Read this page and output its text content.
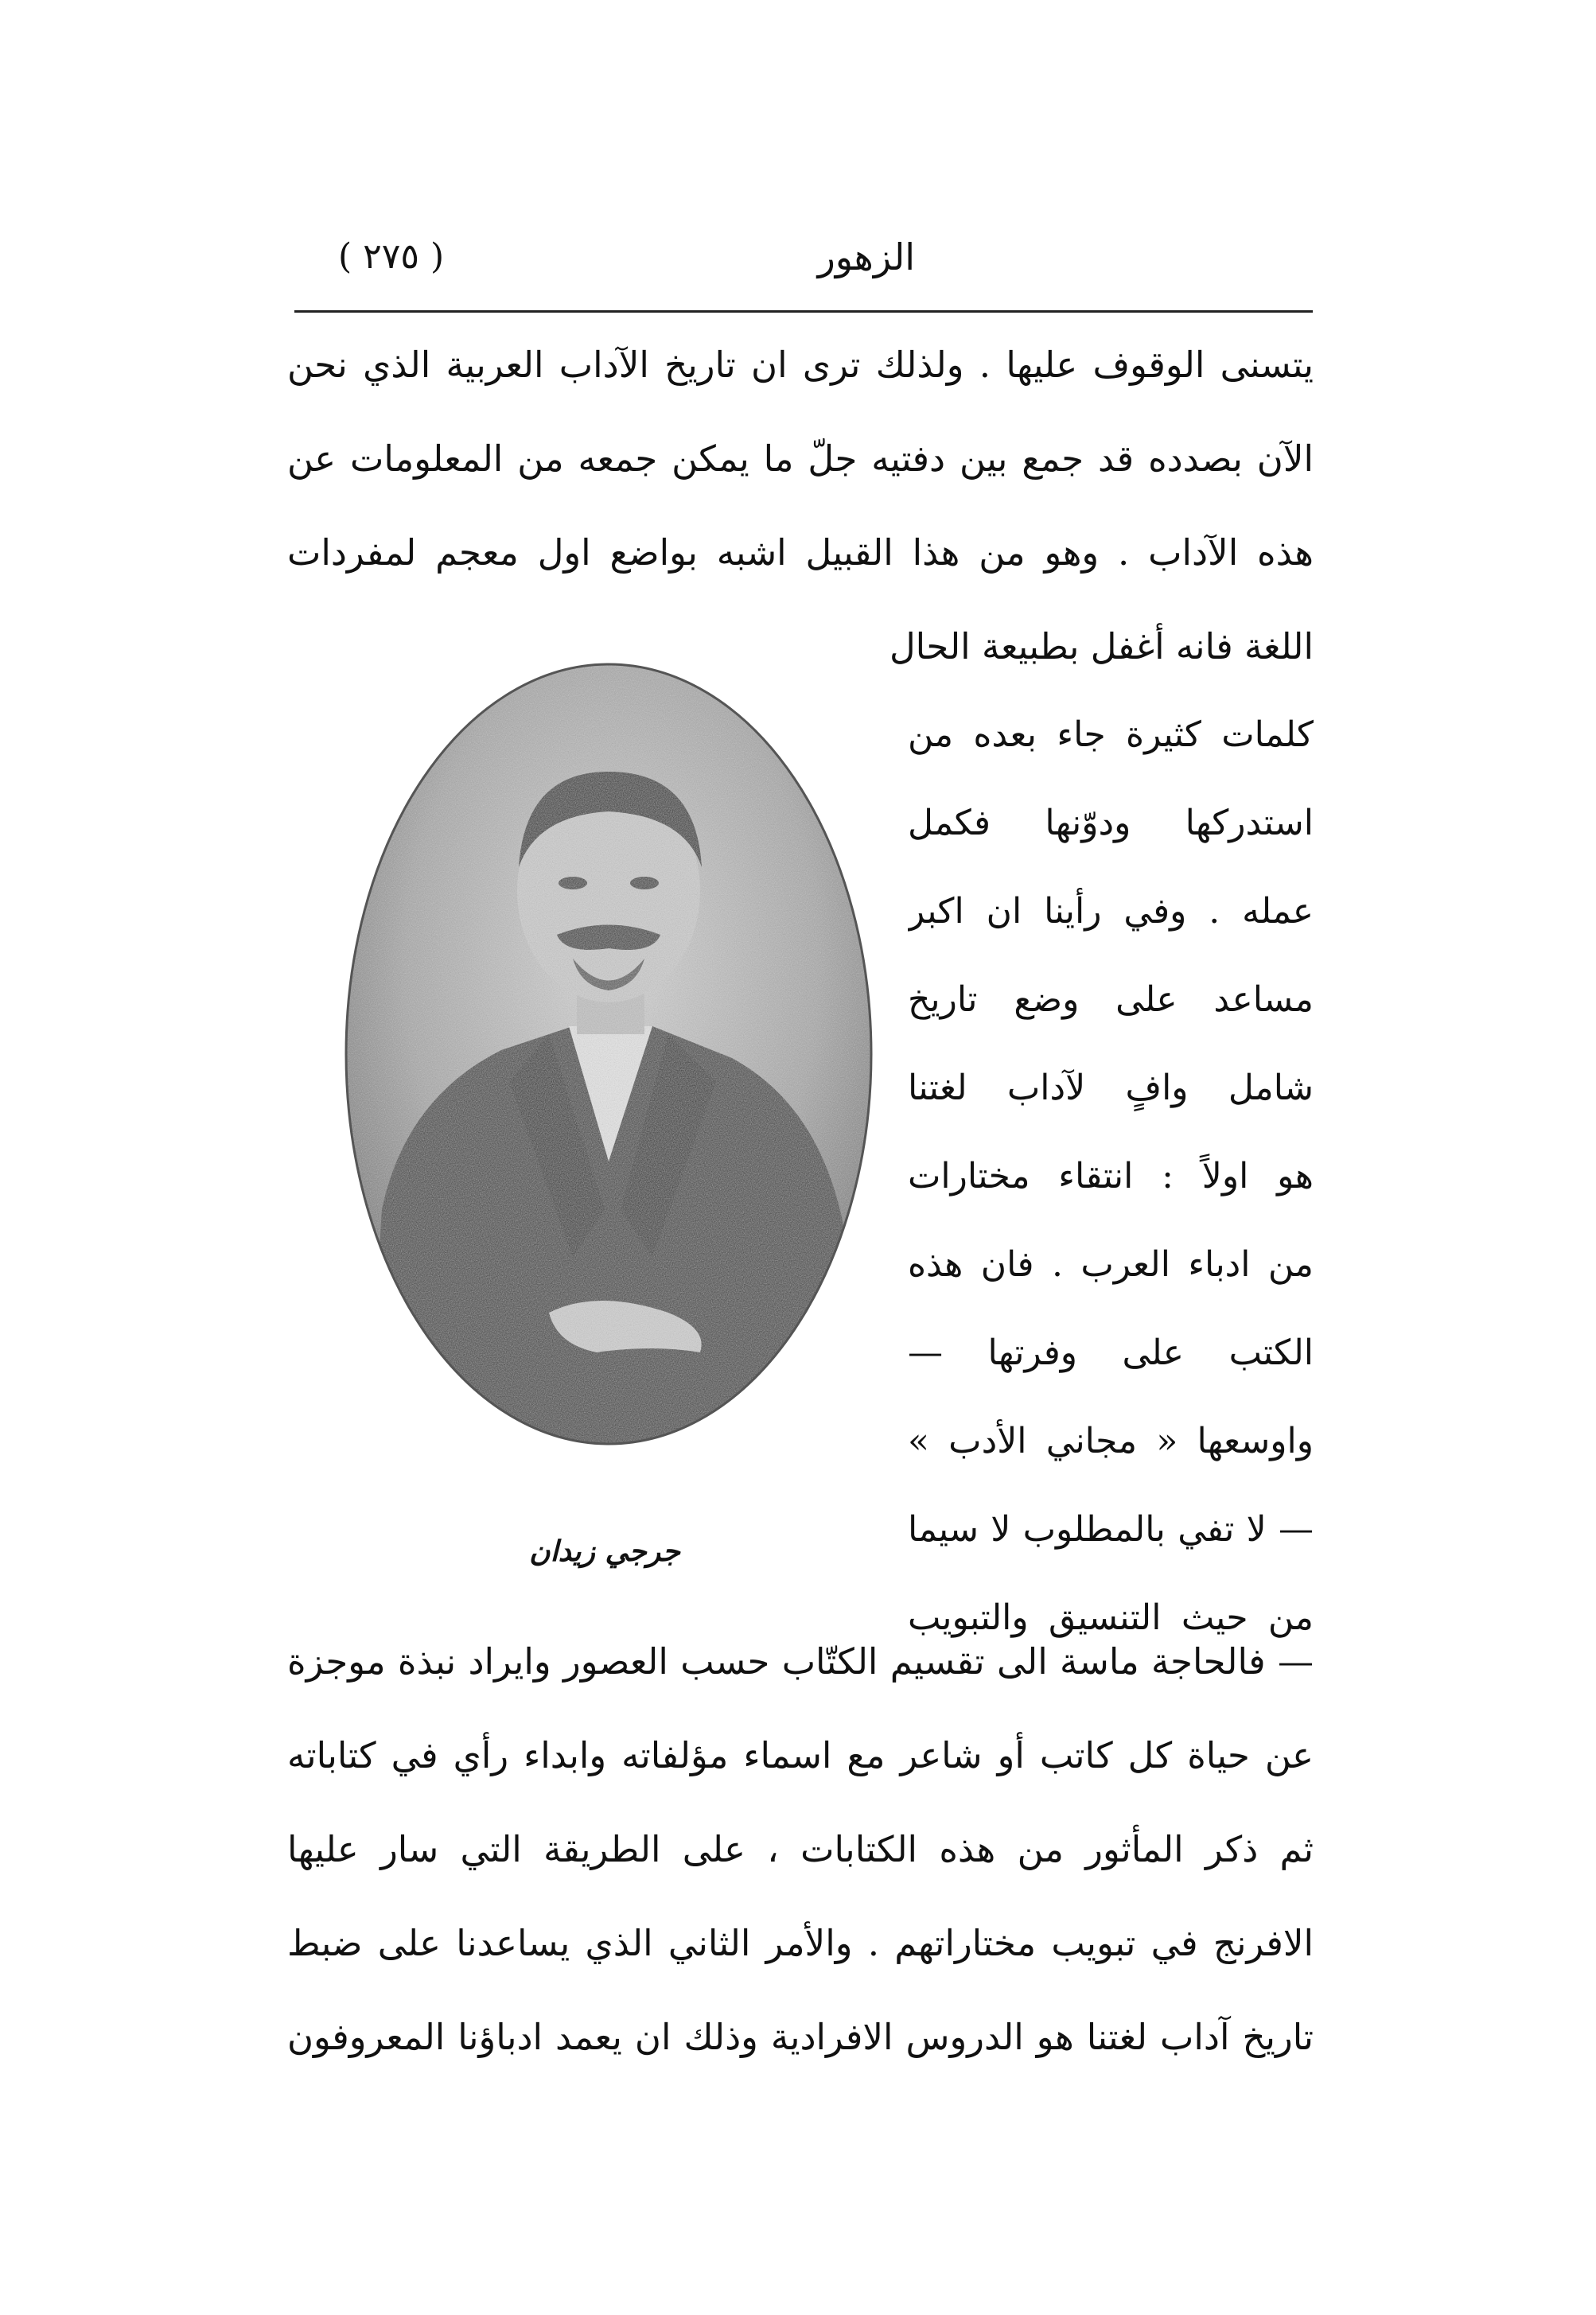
الزهور
( ٢٧٥ )
يتسنى الوقوف عليها . ولذلك ترى ان تاريخ الآداب العربية الذي نحن
الآن بصدده قد جمع بين دفتيه جلّ ما يمكن جمعه من المعلومات عن
هذه الآداب . وهو من هذا القبيل اشبه بواضع اول معجم لمفردات
اللغة فانه أغفل بطبيعة الحال
جرجي زيدان
كلمات كثيرة جاء بعده من
استدركها ودوّنها فكمل
عمله . وفي رأينا ان اكبر
مساعد على وضع تاريخ
شامل وافٍ لآداب لغتنا
هو اولاً : انتقاء مختارات
من ادباء العرب . فان هذه
الكتب على وفرتها —
واوسعها « مجاني الأدب »
— لا تفي بالمطلوب لا سيما
من حيث التنسيق والتبويب
— فالحاجة ماسة الى تقسيم الكتّاب حسب العصور وايراد نبذة موجزة
عن حياة كل كاتب أو شاعر مع اسماء مؤلفاته وابداء رأي في كتاباته
ثم ذكر المأثور من هذه الكتابات ، على الطريقة التي سار عليها
الافرنج في تبويب مختاراتهم . والأمر الثاني الذي يساعدنا على ضبط
تاريخ آداب لغتنا هو الدروس الافرادية وذلك ان يعمد ادباؤنا المعروفون
